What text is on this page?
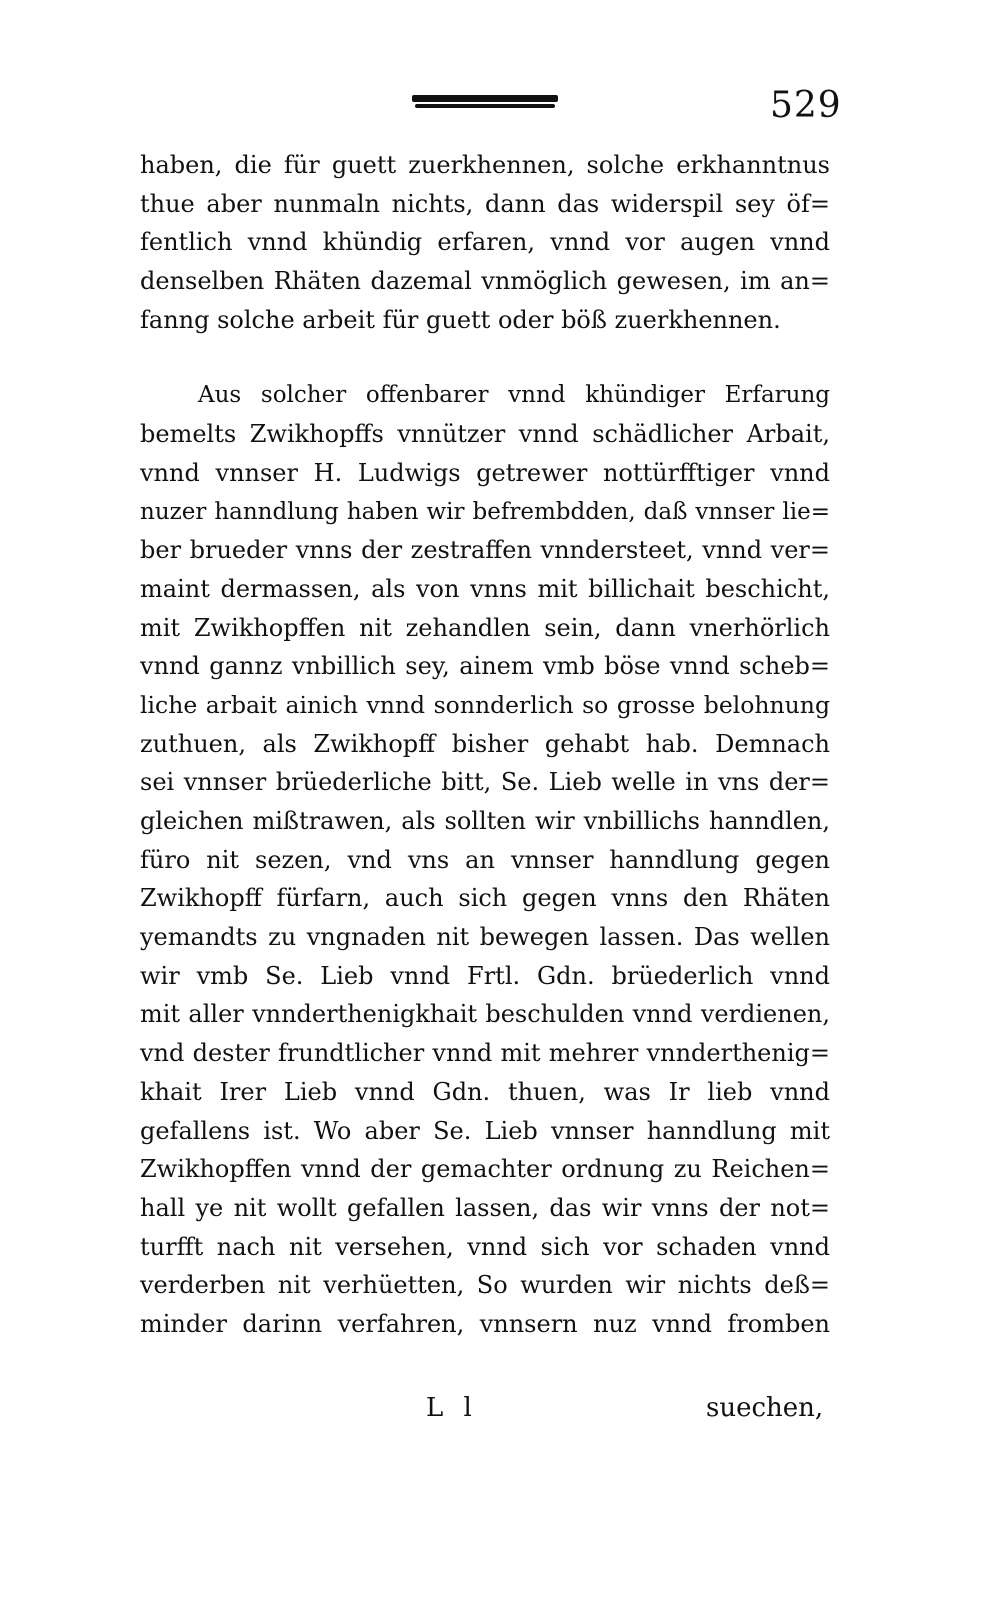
529
haben, die für guett zuerkhennen, solche erkhanntnus
thue aber nunmaln nichts, dann das widerspil sey öf=
fentlich vnnd khündig erfaren, vnnd vor augen vnnd
denselben Rhäten dazemal vnmöglich gewesen, im an=
fanng solche arbeit für guett oder böß zuerkhennen.
Aus solcher offenbarer vnnd khündiger Erfarung
bemelts Zwikhopffs vnnützer vnnd schädlicher Arbait,
vnnd vnnser H. Ludwigs getrewer nottürfftiger vnnd
nuzer hanndlung haben wir befrembdden, daß vnnser lie=
ber brueder vnns der zestraffen vnndersteet, vnnd ver=
maint dermassen, als von vnns mit billichait beschicht,
mit Zwikhopffen nit zehandlen sein, dann vnerhörlich
vnnd gannz vnbillich sey, ainem vmb böse vnnd scheb=
liche arbait ainich vnnd sonnderlich so grosse belohnung
zuthuen, als Zwikhopff bisher gehabt hab. Demnach
sei vnnser brüederliche bitt, Se. Lieb welle in vns der=
gleichen mißtrawen, als sollten wir vnbillichs hanndlen,
füro nit sezen, vnd vns an vnnser hanndlung gegen
Zwikhopff fürfarn, auch sich gegen vnns den Rhäten
yemandts zu vngnaden nit bewegen lassen. Das wellen
wir vmb Se. Lieb vnnd Frtl. Gdn. brüederlich vnnd
mit aller vnnderthenigkhait beschulden vnnd verdienen,
vnd dester frundtlicher vnnd mit mehrer vnnderthenig=
khait Irer Lieb vnnd Gdn. thuen, was Ir lieb vnnd
gefallens ist. Wo aber Se. Lieb vnnser hanndlung mit
Zwikhopffen vnnd der gemachter ordnung zu Reichen=
hall ye nit wollt gefallen lassen, das wir vnns der not=
turfft nach nit versehen, vnnd sich vor schaden vnnd
verderben nit verhüetten, So wurden wir nichts deß=
minder darinn verfahren, vnnsern nuz vnnd fromben
L l	suechen,
